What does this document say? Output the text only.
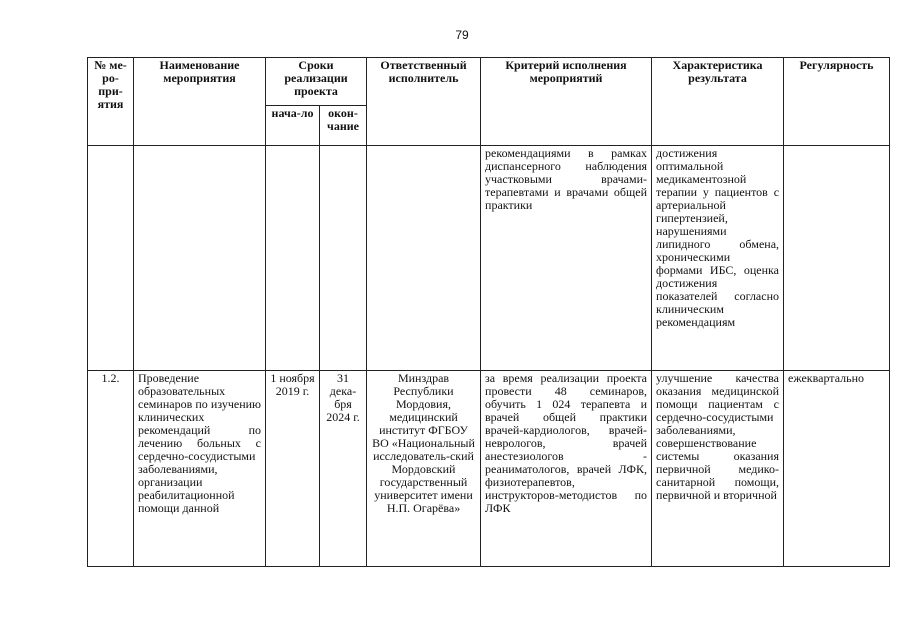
79
№ ме-ро-при-ятия	Наименование мероприятия	Сроки реализации проекта		Ответственный исполнитель	Критерий исполнения мероприятий	Характеристика результата	Регулярность
		нача-ло	окон-чание				
					рекомендациями в рамках диспансерного наблюдения участковыми врачами-терапевтами и врачами общей практики	достижения оптимальной медикаментозной терапии у пациентов с артериальной гипертензией, нарушениями липидного обмена, хроническими формами ИБС, оценка достижения показателей согласно клиническим рекомендациям	
1.2.	Проведение образовательных семинаров по изучению клинических рекомендаций по лечению больных с сердечно-сосудистыми заболеваниями, организации реабилитационной помощи данной	1 ноября 2019 г.	31 дека-бря 2024 г.	Минздрав Республики Мордовия, медицинский институт ФГБОУ ВО «Национальный исследователь-ский Мордовский государственный университет имени Н.П. Огарёва»	за время реализации проекта провести 48 семинаров, обучить 1 024 терапевта и врачей общей практики врачей-кардиологов, врачей-неврологов, врачей анестезиологов - реаниматологов, врачей ЛФК, физиотерапевтов, инструкторов-методистов по ЛФК	улучшение качества оказания медицинской помощи пациентам с сердечно-сосудистыми заболеваниями, совершенствование системы оказания первичной медико-санитарной помощи, первичной и вторичной	ежеквартально
